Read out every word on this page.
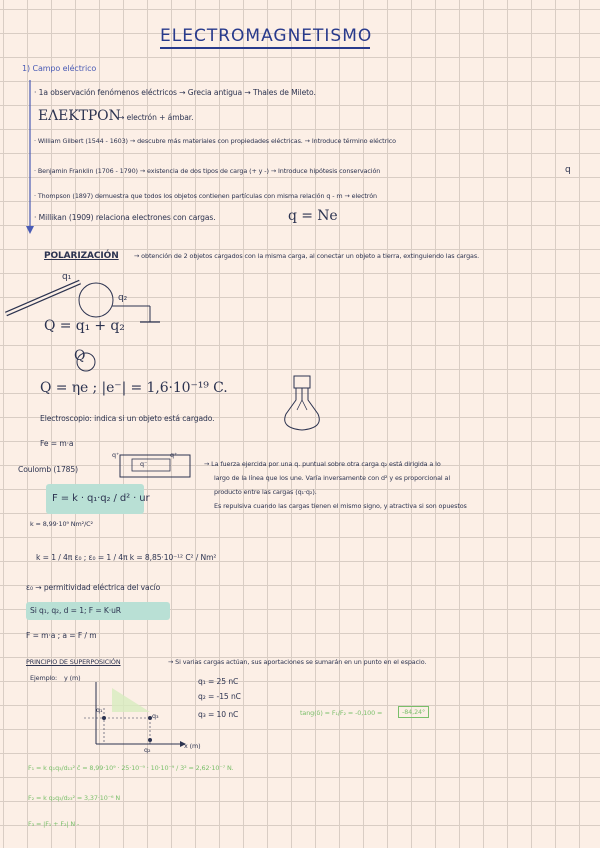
ELECTROMAGNETISMO
1) Campo eléctrico
· 1a observación fenómenos eléctricos → Grecia antigua → Thales de Mileto.
ΕΛΕΚΤΡΟΝ
→ electrón + ámbar.
· William Gilbert (1544 - 1603) → descubre más materiales con propiedades eléctricas. → Introduce término eléctrico
· Benjamin Franklin (1706 - 1790) → existencia de dos tipos de carga (+ y -) → Introduce hipótesis conservación	q
· Thompson (1897) demuestra que todos los objetos contienen partículas con misma relación q - m → electrón
· Millikan (1909) relaciona electrones con cargas.	q = Ne
POLARIZACIÓN → obtención de 2 objetos cargados con la misma carga, al conectar un objeto a tierra, extinguiendo las cargas.
q₁
q₂
Q = q₁ + q₂
Q
Q = ηe ; |e⁻| = 1,6·10⁻¹⁹ C.
Electroscopio: indica si un objeto está cargado.
Fe = m·a
Coulomb (1785)
q⁺
q⁻
q⁺
→ La fuerza ejercida por una q. puntual sobre otra carga q₂ está dirigida a lo
largo de la línea que los une. Varía inversamente con d² y es proporcional al
producto entre las cargas (q₁·q₂).
Es repulsiva cuando las cargas tienen el mismo signo, y atractiva si son opuestos
F = k · q₁·q₂ / d² · ur
k = 8,99·10⁹ Nm²/C²
k = 1 / 4π ε₀ ; ε₀ = 1 / 4π k = 8,85·10⁻¹² C² / Nm²
ε₀ → permitividad eléctrica del vacío
Si q₁, q₂, d = 1; F = K·uR
F = m·a ; a = F / m
PRINCIPIO DE SUPERPOSICIÓN	→ Si varias cargas actúan, sus aportaciones se sumarán en un punto en el espacio.
Ejemplo: y (m)
q₁
q₃
q₂	x (m)
q₁ = 25 nC
q₂ = -15 nC
q₃ = 10 nC	tang(δ) = F₁/F₂ = -0,100 =	-84,24°
F₁ = k q₁q₃/d₁₃² ĉ = 8,99·10⁹ · 25·10⁻⁹ · 10·10⁻⁹ / 3² = 2,62·10⁻⁷ N.
F₂ = k q₂q₃/d₂₃² = 3,37·10⁻⁶ N
F₃ = |F₁ + F₂| N -
